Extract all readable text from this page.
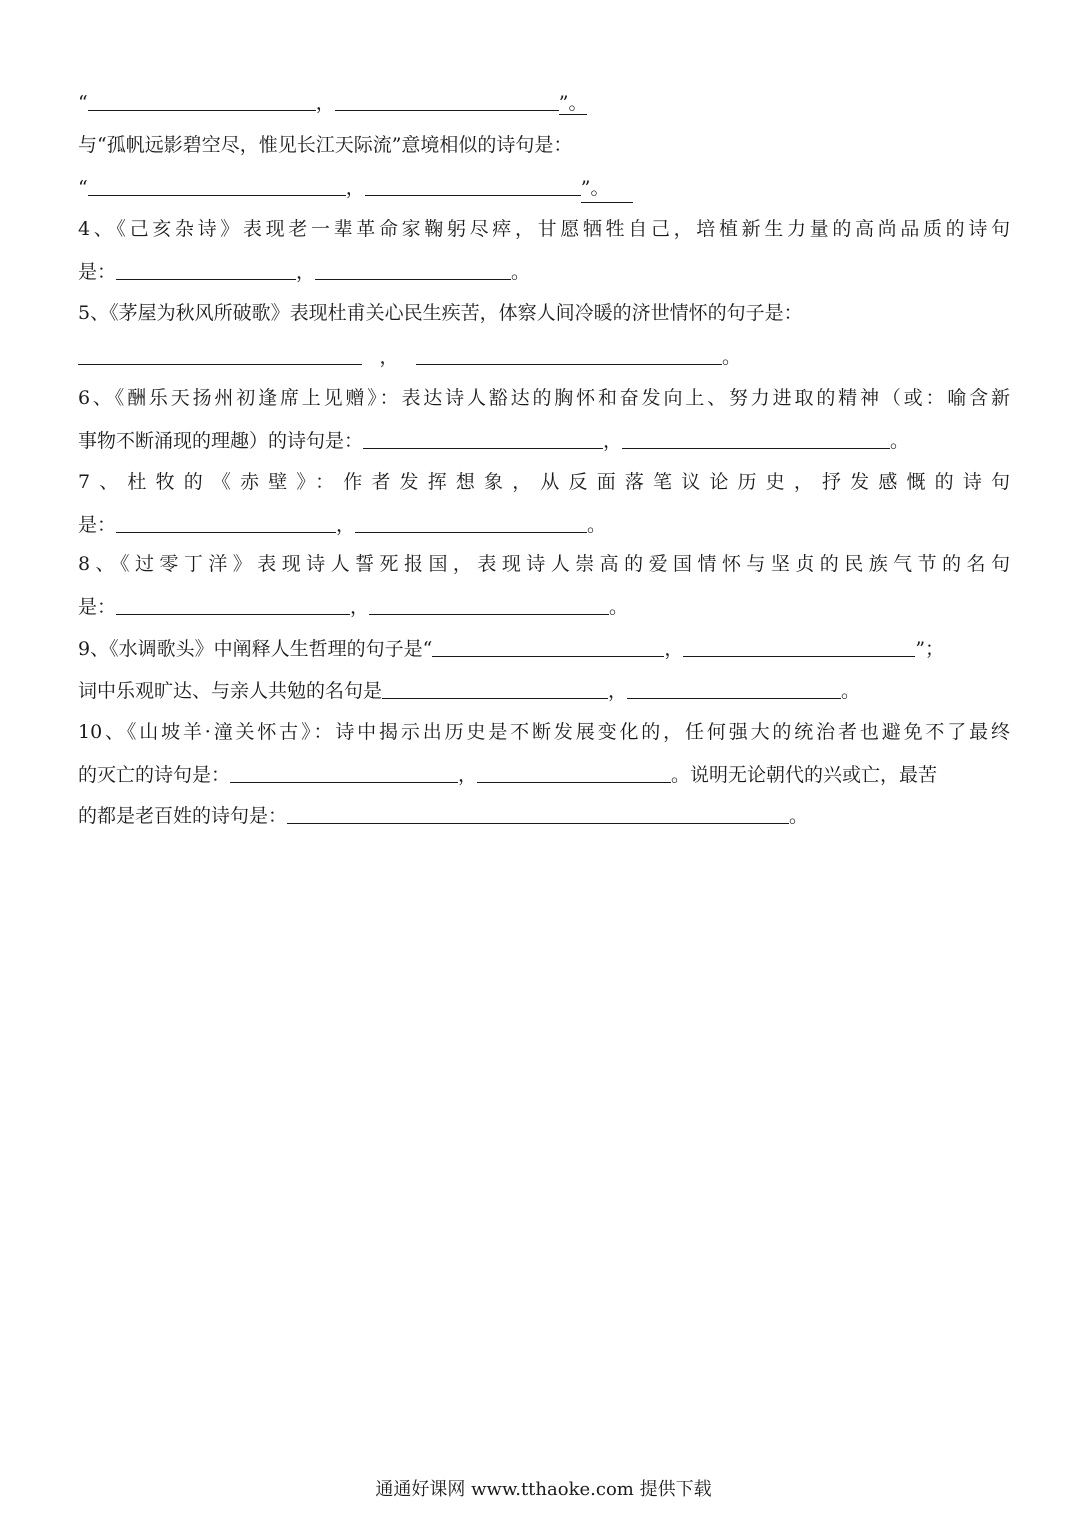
“	，	”。
与“孤帆远影碧空尽，惟见长江天际流”意境相似的诗句是：
“	，	”。
4、《己亥杂诗》表现老一辈革命家鞠躬尽瘁，甘愿牺牲自己，培植新生力量的高尚品质的诗句
是：	，	。
5、《茅屋为秋风所破歌》表现杜甫关心民生疾苦，体察人间冷暖的济世情怀的句子是：
，	。
6、《酬乐天扬州初逢席上见赠》：表达诗人豁达的胸怀和奋发向上、努力进取的精神（或：喻含新
事物不断涌现的理趣）的诗句是：	，	。
7、杜牧的《赤壁》：作者发挥想象，从反面落笔议论历史，抒发感慨的诗句
是：	，	。
8、《过零丁洋》表现诗人誓死报国，表现诗人崇高的爱国情怀与坚贞的民族气节的名句
是：	，	。
9、《水调歌头》中阐释人生哲理的句子是“	，	”；
词中乐观旷达、与亲人共勉的名句是	，	。
10、《山坡羊·潼关怀古》：诗中揭示出历史是不断发展变化的，任何强大的统治者也避免不了最终
的灭亡的诗句是：	，	。说明无论朝代的兴或亡，最苦
的都是老百姓的诗句是：	。
通通好课网 www.tthaoke.com 提供下载
